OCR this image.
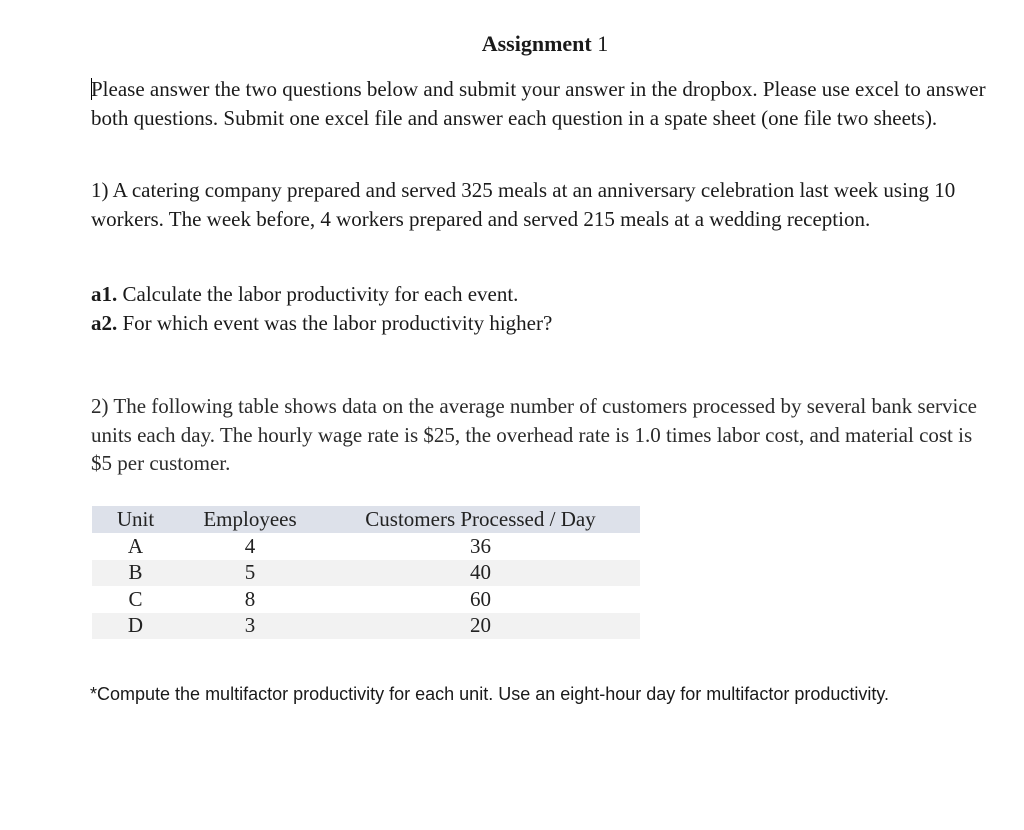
Assignment 1

Please answer the two questions below and submit your answer in the dropbox. Please use excel to answer both questions. Submit one excel file and answer each question in a spate sheet (one file two sheets).

1) A catering company prepared and served 325 meals at an anniversary celebration last week using 10 workers. The week before, 4 workers prepared and served 215 meals at a wedding reception.

a1. Calculate the labor productivity for each event.
a2. For which event was the labor productivity higher?

2) The following table shows data on the average number of customers processed by several bank service units each day. The hourly wage rate is $25, the overhead rate is 1.0 times labor cost, and material cost is $5 per customer.

Unit	Employees	Customers Processed / Day
A	4	36
B	5	40
C	8	60
D	3	20
*Compute the multifactor productivity for each unit. Use an eight-hour day for multifactor productivity.
